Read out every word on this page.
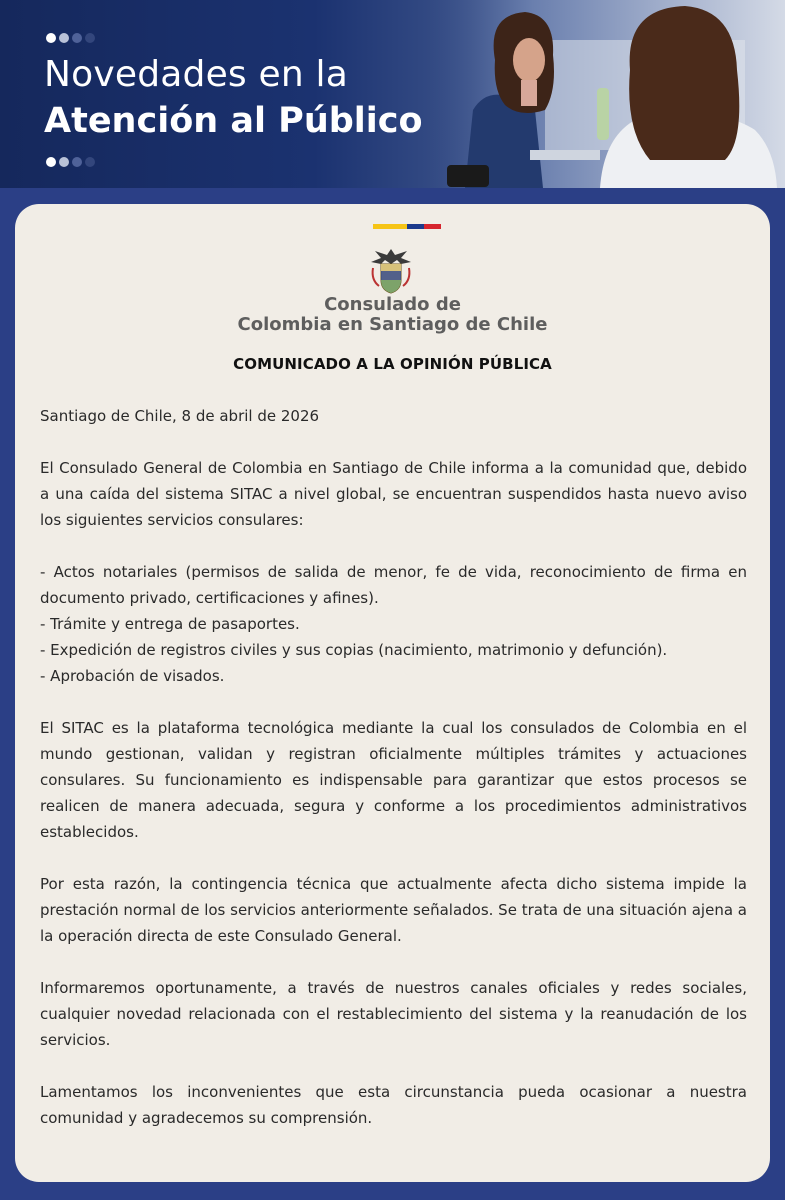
Novedades en la
Atención al Público
Consulado de
Colombia en Santiago de Chile
COMUNICADO A LA OPINIÓN PÚBLICA

Santiago de Chile, 8 de abril de 2026

El Consulado General de Colombia en Santiago de Chile informa a la comunidad que, debido a una caída del sistema SITAC a nivel global, se encuentran suspendidos hasta nuevo aviso los siguientes servicios consulares:

- Actos notariales (permisos de salida de menor, fe de vida, reconocimiento de firma en documento privado, certificaciones y afines).

- Trámite y entrega de pasaportes.

- Expedición de registros civiles y sus copias (nacimiento, matrimonio y defunción).

- Aprobación de visados.

El SITAC es la plataforma tecnológica mediante la cual los consulados de Colombia en el mundo gestionan, validan y registran oficialmente múltiples trámites y actuaciones consulares. Su funcionamiento es indispensable para garantizar que estos procesos se realicen de manera adecuada, segura y conforme a los procedimientos administrativos establecidos.

Por esta razón, la contingencia técnica que actualmente afecta dicho sistema impide la prestación normal de los servicios anteriormente señalados. Se trata de una situación ajena a la operación directa de este Consulado General.

Informaremos oportunamente, a través de nuestros canales oficiales y redes sociales, cualquier novedad relacionada con el restablecimiento del sistema y la reanudación de los servicios.

Lamentamos los inconvenientes que esta circunstancia pueda ocasionar a nuestra comunidad y agradecemos su comprensión.
